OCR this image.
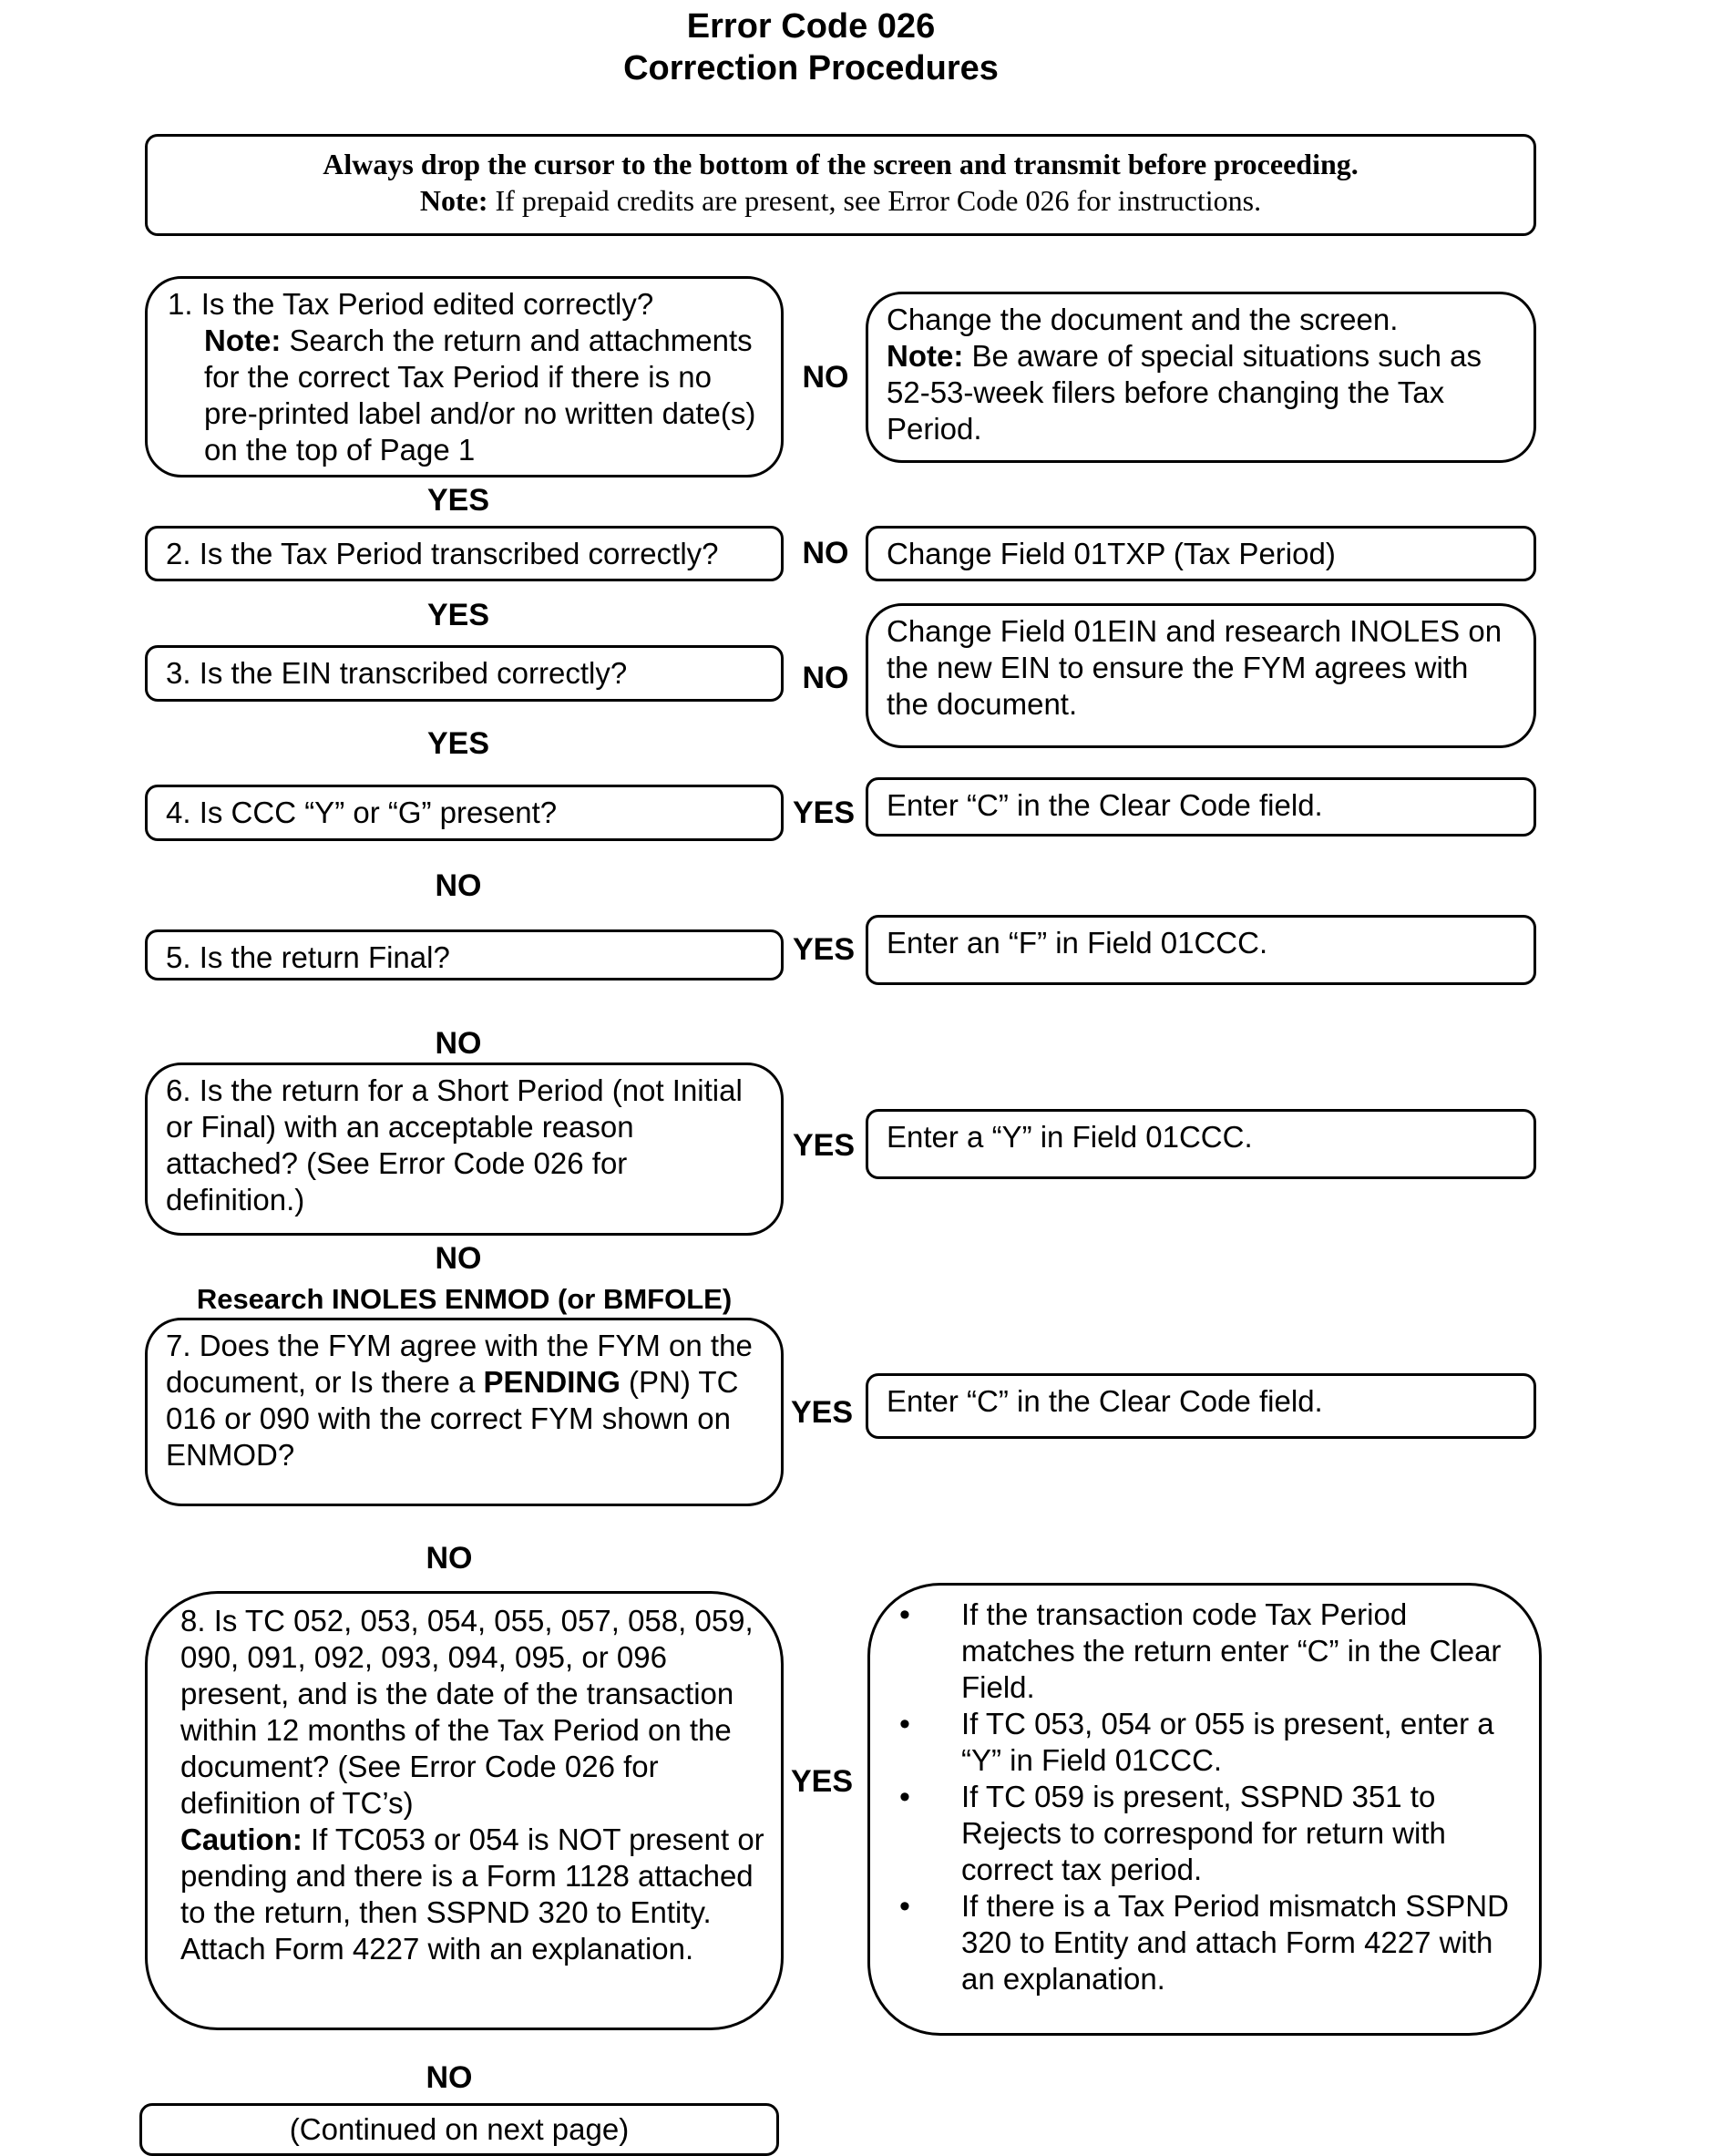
Error Code 026
Correction Procedures
Always drop the cursor to the bottom of the screen and transmit before proceeding.
Note: If prepaid credits are present, see Error Code 026 for instructions.
1. Is the Tax Period edited correctly?
Note: Search the return and attachments for the correct Tax Period if there is no pre-printed label and/or no written date(s) on the top of Page 1
NO
Change the document and the screen.
Note: Be aware of special situations such as 52-53-week filers before changing the Tax Period.
YES
2. Is the Tax Period transcribed correctly?	NO	Change Field 01TXP (Tax Period)
YES
3. Is the EIN transcribed correctly?	NO
Change Field 01EIN and research INOLES on the new EIN to ensure the FYM agrees with the document.
YES
4. Is CCC “Y” or “G” present?	YES	Enter “C” in the Clear Code field.
NO
5. Is the return Final?	YES	Enter an “F” in Field 01CCC.
NO
6. Is the return for a Short Period (not Initial or Final) with an acceptable reason attached? (See Error Code 026 for definition.)
YES	Enter a “Y” in Field 01CCC.
NO
Research INOLES ENMOD (or BMFOLE)
7. Does the FYM agree with the FYM on the document, or Is there a PENDING (PN) TC 016 or 090 with the correct FYM shown on ENMOD?
YES	Enter “C” in the Clear Code field.
NO
8. Is TC 052, 053, 054, 055, 057, 058, 059, 090, 091, 092, 093, 094, 095, or 096 present, and is the date of the transaction within 12 months of the Tax Period on the document? (See Error Code 026 for definition of TC’s)
Caution: If TC053 or 054 is NOT present or pending and there is a Form 1128 attached to the return, then SSPND 320 to Entity. Attach Form 4227 with an explanation.
YES
• If the transaction code Tax Period matches the return enter “C” in the Clear Field.
• If TC 053, 054 or 055 is present, enter a “Y” in Field 01CCC.
• If TC 059 is present, SSPND 351 to Rejects to correspond for return with correct tax period.
• If there is a Tax Period mismatch SSPND 320 to Entity and attach Form 4227 with an explanation.
NO
(Continued on next page)
